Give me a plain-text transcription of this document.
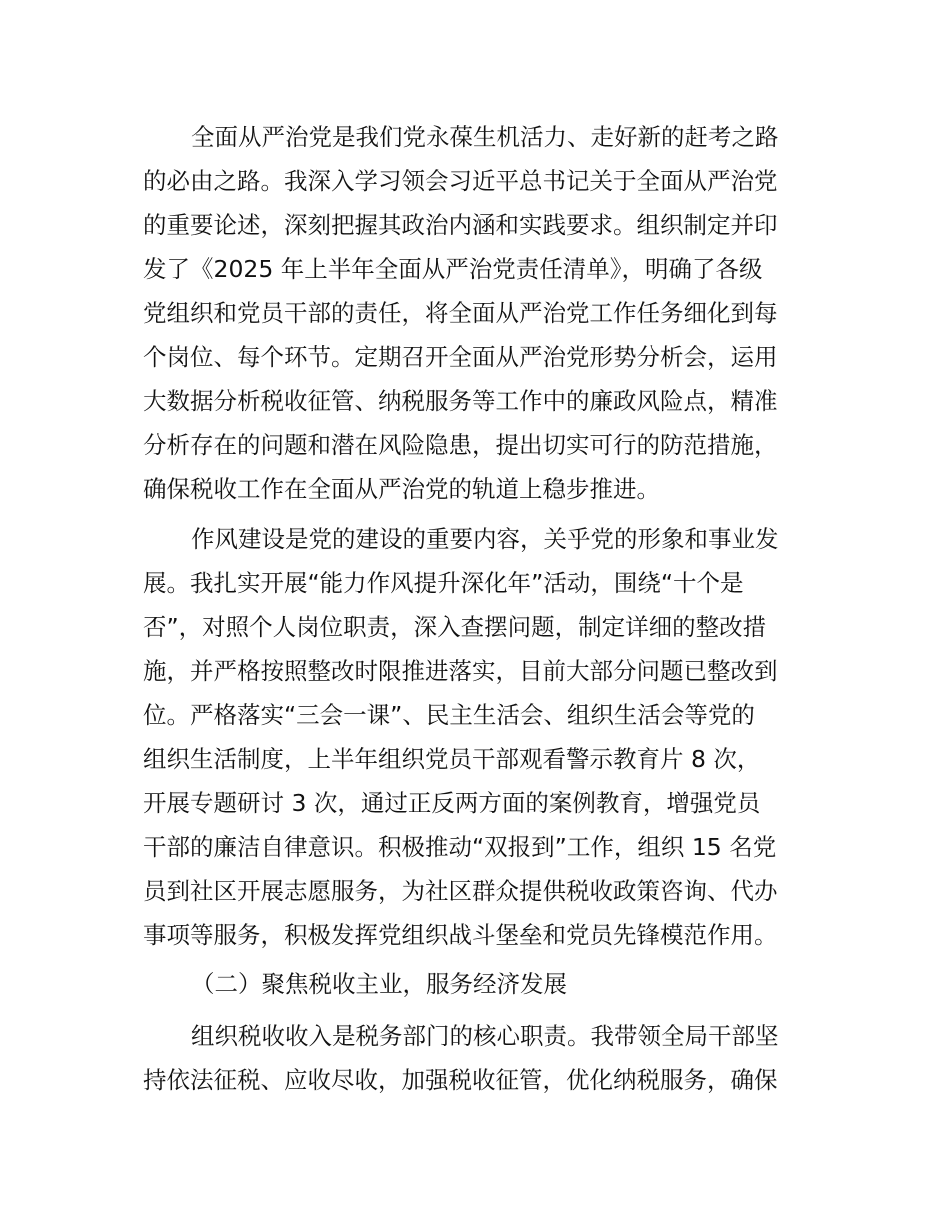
全面从严治党是我们党永葆生机活力、走好新的赶考之路

的必由之路。我深入学习领会习近平总书记关于全面从严治党

的重要论述，深刻把握其政治内涵和实践要求。组织制定并印

发了《2025 年上半年全面从严治党责任清单》，明确了各级

党组织和党员干部的责任，将全面从严治党工作任务细化到每

个岗位、每个环节。定期召开全面从严治党形势分析会，运用

大数据分析税收征管、纳税服务等工作中的廉政风险点，精准

分析存在的问题和潜在风险隐患，提出切实可行的防范措施，

确保税收工作在全面从严治党的轨道上稳步推进。

作风建设是党的建设的重要内容，关乎党的形象和事业发

展。我扎实开展“能力作风提升深化年”活动，围绕“十个是

否”，对照个人岗位职责，深入查摆问题，制定详细的整改措

施，并严格按照整改时限推进落实，目前大部分问题已整改到

位。严格落实“三会一课”、民主生活会、组织生活会等党的

组织生活制度，上半年组织党员干部观看警示教育片 8 次，

开展专题研讨 3 次，通过正反两方面的案例教育，增强党员

干部的廉洁自律意识。积极推动“双报到”工作，组织 15 名党

员到社区开展志愿服务，为社区群众提供税收政策咨询、代办

事项等服务，积极发挥党组织战斗堡垒和党员先锋模范作用。

（二）聚焦税收主业，服务经济发展

组织税收收入是税务部门的核心职责。我带领全局干部坚

持依法征税、应收尽收，加强税收征管，优化纳税服务，确保
